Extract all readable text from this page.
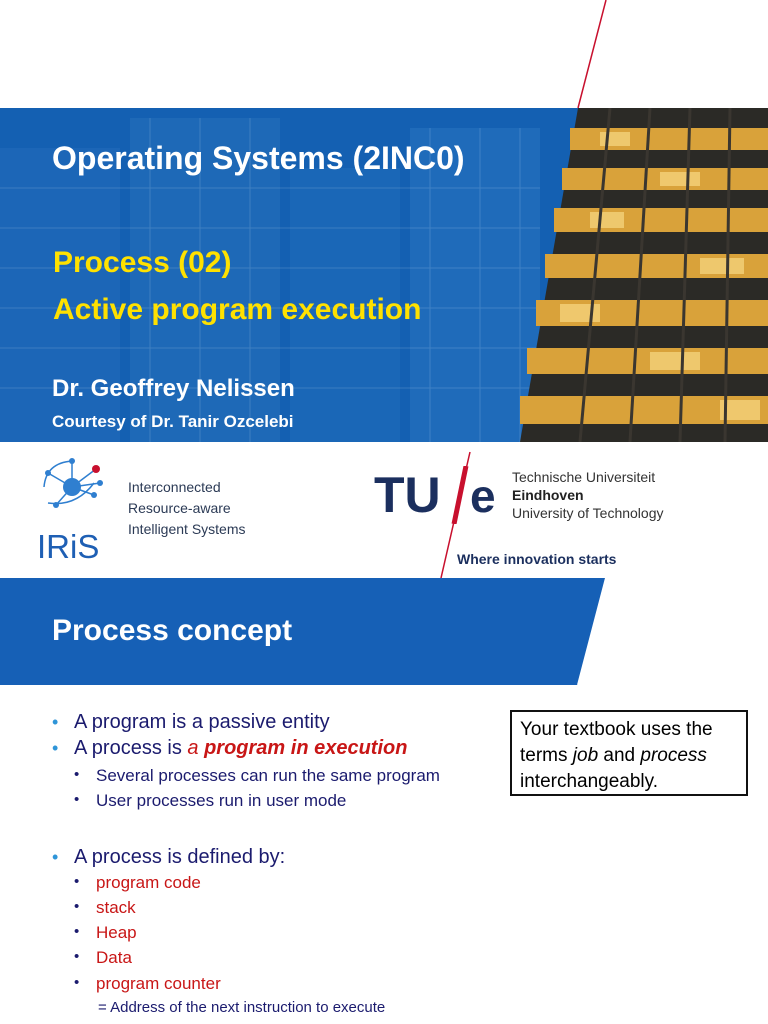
Operating Systems (2INC0)
Process (02)
Active program execution
Dr. Geoffrey Nelissen
Courtesy of Dr. Tanir Ozcelebi
IRiS
Interconnected
Resource-aware
Intelligent Systems
TU e Technische Universiteit
Eindhoven
University of Technology
Where innovation starts
Process concept
• A program is a passive entity
• A process is a program in execution
• Several processes can run the same program
• User processes run in user mode
• A process is defined by:
• program code
• stack
• Heap
• Data
• program counter
= Address of the next instruction to execute
Your textbook uses the terms job and process interchangeably.
